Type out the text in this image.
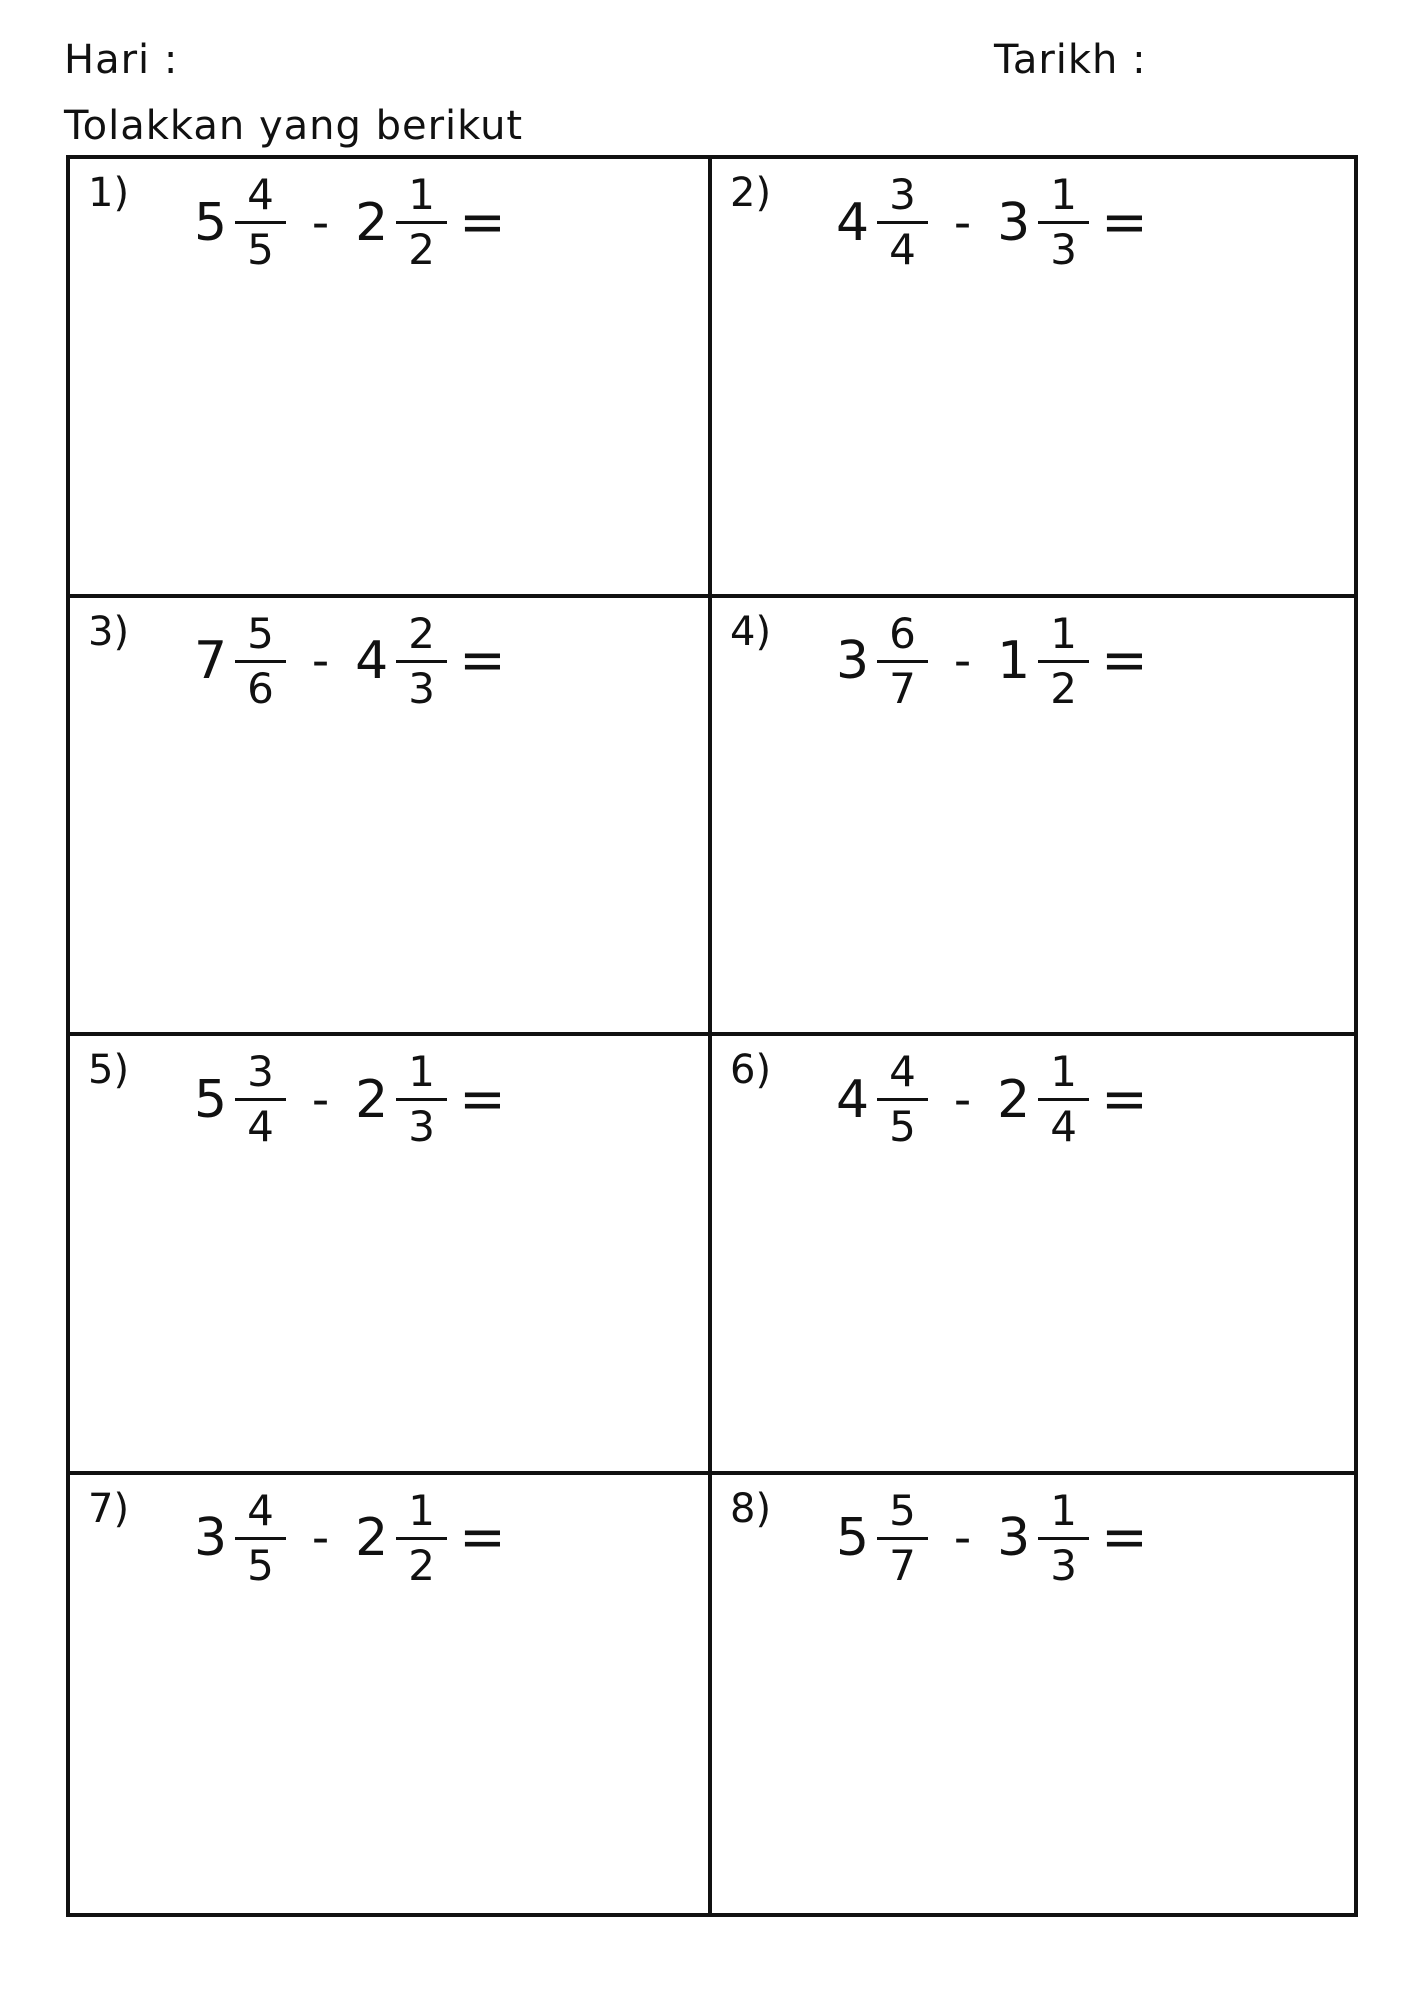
Hari :	Tarikh :
Tolakkan yang berikut
1) $5 \frac{4}{5} - 2 \frac{1}{2}$ =	2) $4 \frac{3}{4} - 3 \frac{1}{3}$ =
3) $7 \frac{5}{6} - 4 \frac{2}{3}$ =	4) $3 \frac{6}{7} - 1 \frac{1}{2}$ =
5) $5 \frac{3}{4} - 2 \frac{1}{3}$ =	6) $4 \frac{4}{5} - 2 \frac{1}{4}$ =
7) $3 \frac{4}{5} - 2 \frac{1}{2}$ =	8) $5 \frac{5}{7} - 3 \frac{1}{3}$ =
